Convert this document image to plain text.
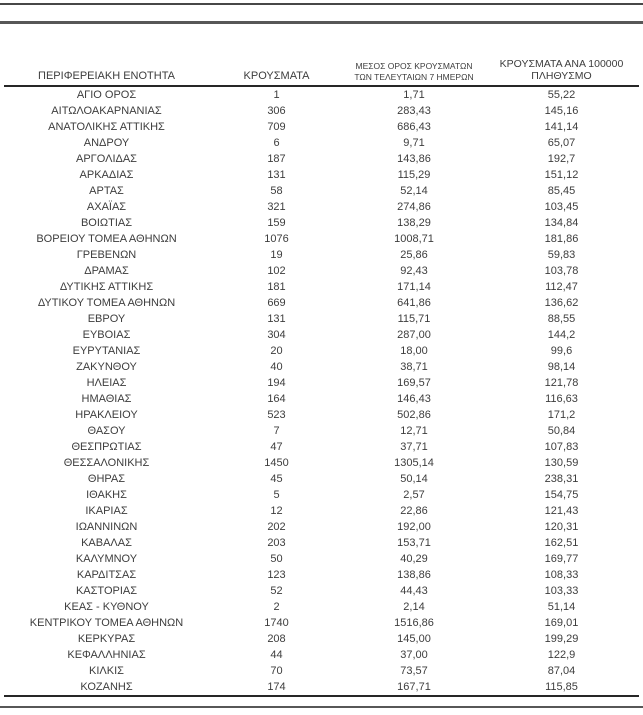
ΠΕΡΙΦΕΡΕΙΑΚΗ ΕΝΟΤΗΤΑ	ΚΡΟΥΣΜΑΤΑ	ΜΕΣΟΣ ΟΡΟΣ ΚΡΟΥΣΜΑΤΩΝ
ΤΩΝ ΤΕΛΕΥΤΑΙΩΝ 7 ΗΜΕΡΩΝ	ΚΡΟΥΣΜΑΤΑ ΑΝΑ 100000
ΠΛΗΘΥΣΜΟ
ΑΓΙΟ ΟΡΟΣ	1	1,71	55,22
ΑΙΤΩΛΟΑΚΑΡΝΑΝΙΑΣ	306	283,43	145,16
ΑΝΑΤΟΛΙΚΗΣ ΑΤΤΙΚΗΣ	709	686,43	141,14
ΑΝΔΡΟΥ	6	9,71	65,07
ΑΡΓΟΛΙΔΑΣ	187	143,86	192,7
ΑΡΚΑΔΙΑΣ	131	115,29	151,12
ΑΡΤΑΣ	58	52,14	85,45
ΑΧΑΪΑΣ	321	274,86	103,45
ΒΟΙΩΤΙΑΣ	159	138,29	134,84
ΒΟΡΕΙΟΥ ΤΟΜΕΑ ΑΘΗΝΩΝ	1076	1008,71	181,86
ΓΡΕΒΕΝΩΝ	19	25,86	59,83
ΔΡΑΜΑΣ	102	92,43	103,78
ΔΥΤΙΚΗΣ ΑΤΤΙΚΗΣ	181	171,14	112,47
ΔΥΤΙΚΟΥ ΤΟΜΕΑ ΑΘΗΝΩΝ	669	641,86	136,62
ΕΒΡΟΥ	131	115,71	88,55
ΕΥΒΟΙΑΣ	304	287,00	144,2
ΕΥΡΥΤΑΝΙΑΣ	20	18,00	99,6
ΖΑΚΥΝΘΟΥ	40	38,71	98,14
ΗΛΕΙΑΣ	194	169,57	121,78
ΗΜΑΘΙΑΣ	164	146,43	116,63
ΗΡΑΚΛΕΙΟΥ	523	502,86	171,2
ΘΑΣΟΥ	7	12,71	50,84
ΘΕΣΠΡΩΤΙΑΣ	47	37,71	107,83
ΘΕΣΣΑΛΟΝΙΚΗΣ	1450	1305,14	130,59
ΘΗΡΑΣ	45	50,14	238,31
ΙΘΑΚΗΣ	5	2,57	154,75
ΙΚΑΡΙΑΣ	12	22,86	121,43
ΙΩΑΝΝΙΝΩΝ	202	192,00	120,31
ΚΑΒΑΛΑΣ	203	153,71	162,51
ΚΑΛΥΜΝΟΥ	50	40,29	169,77
ΚΑΡΔΙΤΣΑΣ	123	138,86	108,33
ΚΑΣΤΟΡΙΑΣ	52	44,43	103,33
ΚΕΑΣ - ΚΥΘΝΟΥ	2	2,14	51,14
ΚΕΝΤΡΙΚΟΥ ΤΟΜΕΑ ΑΘΗΝΩΝ	1740	1516,86	169,01
ΚΕΡΚΥΡΑΣ	208	145,00	199,29
ΚΕΦΑΛΛΗΝΙΑΣ	44	37,00	122,9
ΚΙΛΚΙΣ	70	73,57	87,04
ΚΟΖΑΝΗΣ	174	167,71	115,85
